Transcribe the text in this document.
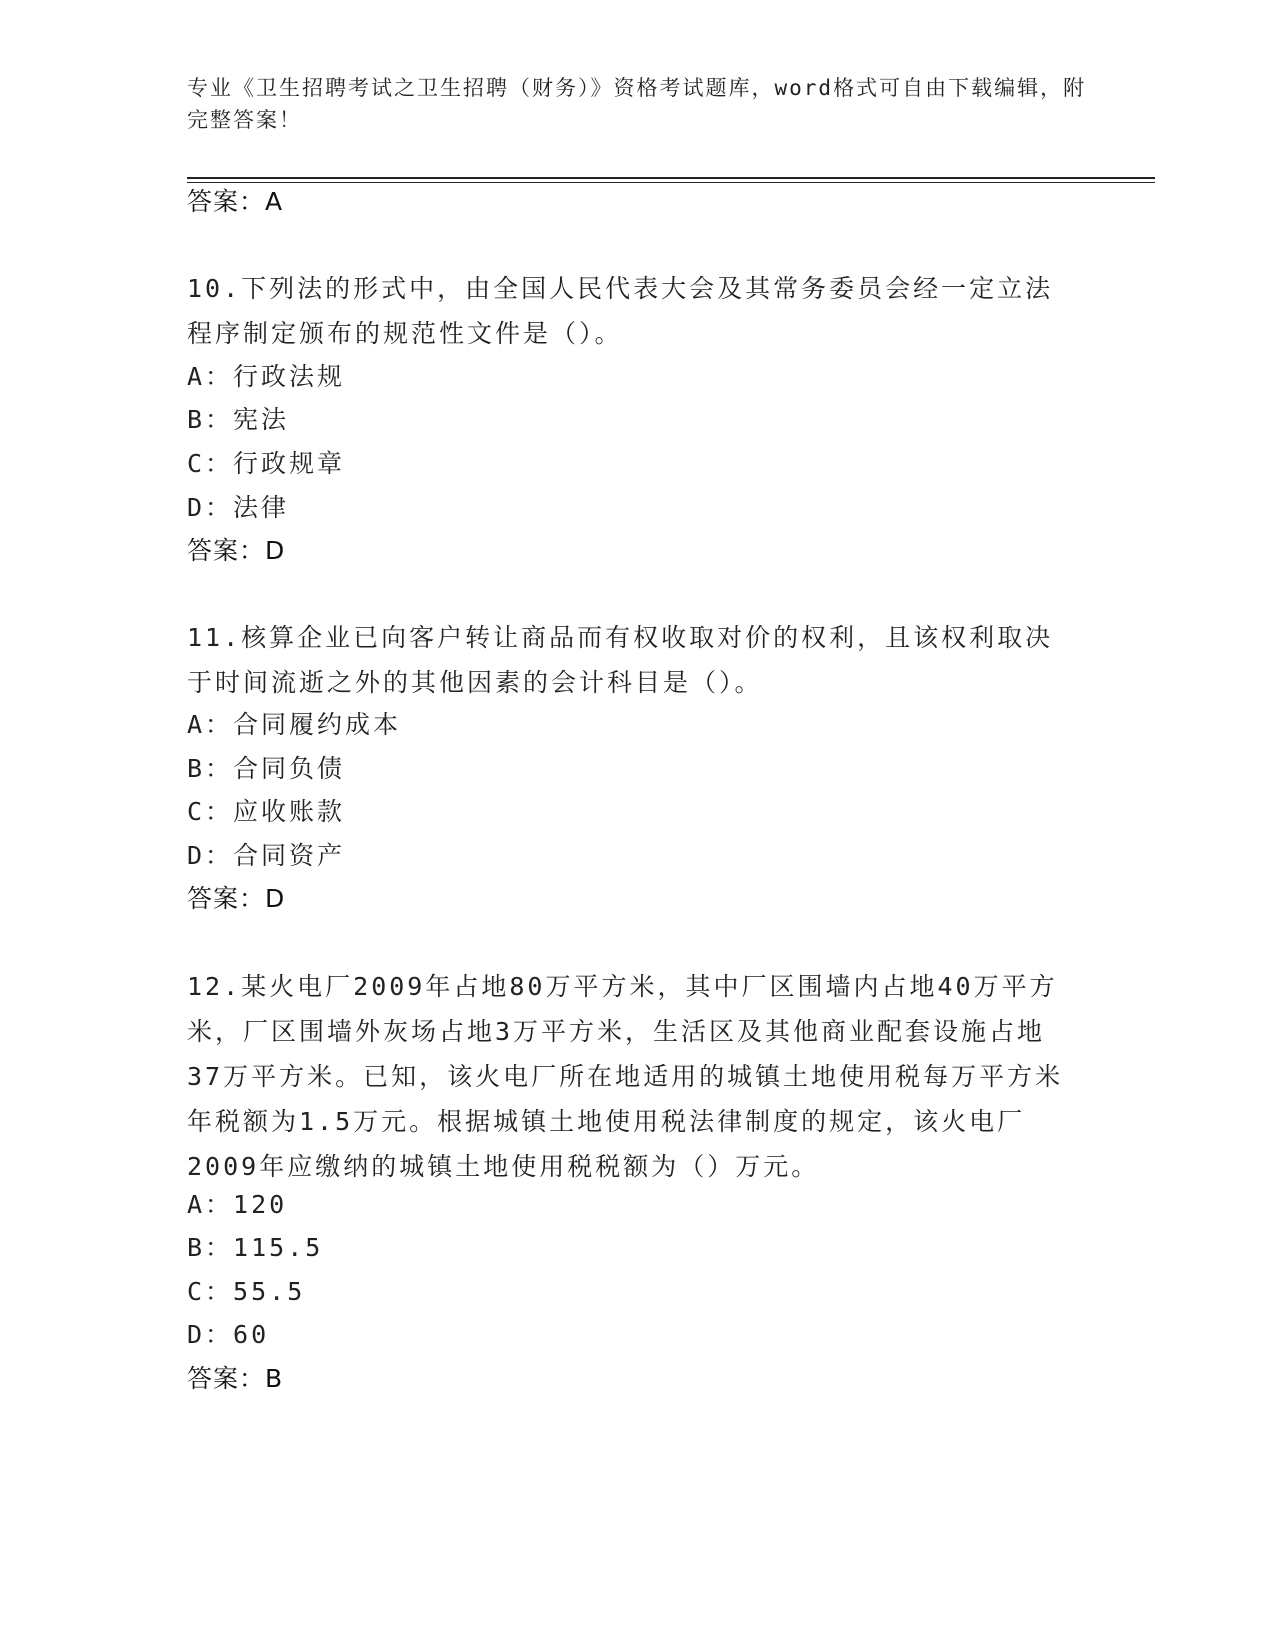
专业《卫生招聘考试之卫生招聘（财务）》资格考试题库，word格式可自由下载编辑，附完整答案！
答案：A
10.下列法的形式中，由全国人民代表大会及其常务委员会经一定立法程序制定颁布的规范性文件是（）。
A：行政法规
B：宪法
C：行政规章
D：法律
答案：D
11.核算企业已向客户转让商品而有权收取对价的权利，且该权利取决于时间流逝之外的其他因素的会计科目是（）。
A：合同履约成本
B：合同负债
C：应收账款
D：合同资产
答案：D
12.某火电厂2009年占地80万平方米，其中厂区围墙内占地40万平方米，厂区围墙外灰场占地3万平方米，生活区及其他商业配套设施占地37万平方米。已知，该火电厂所在地适用的城镇土地使用税每万平方米年税额为1.5万元。根据城镇土地使用税法律制度的规定，该火电厂2009年应缴纳的城镇土地使用税税额为（）万元。
A：120
B：115.5
C：55.5
D：60
答案：B
